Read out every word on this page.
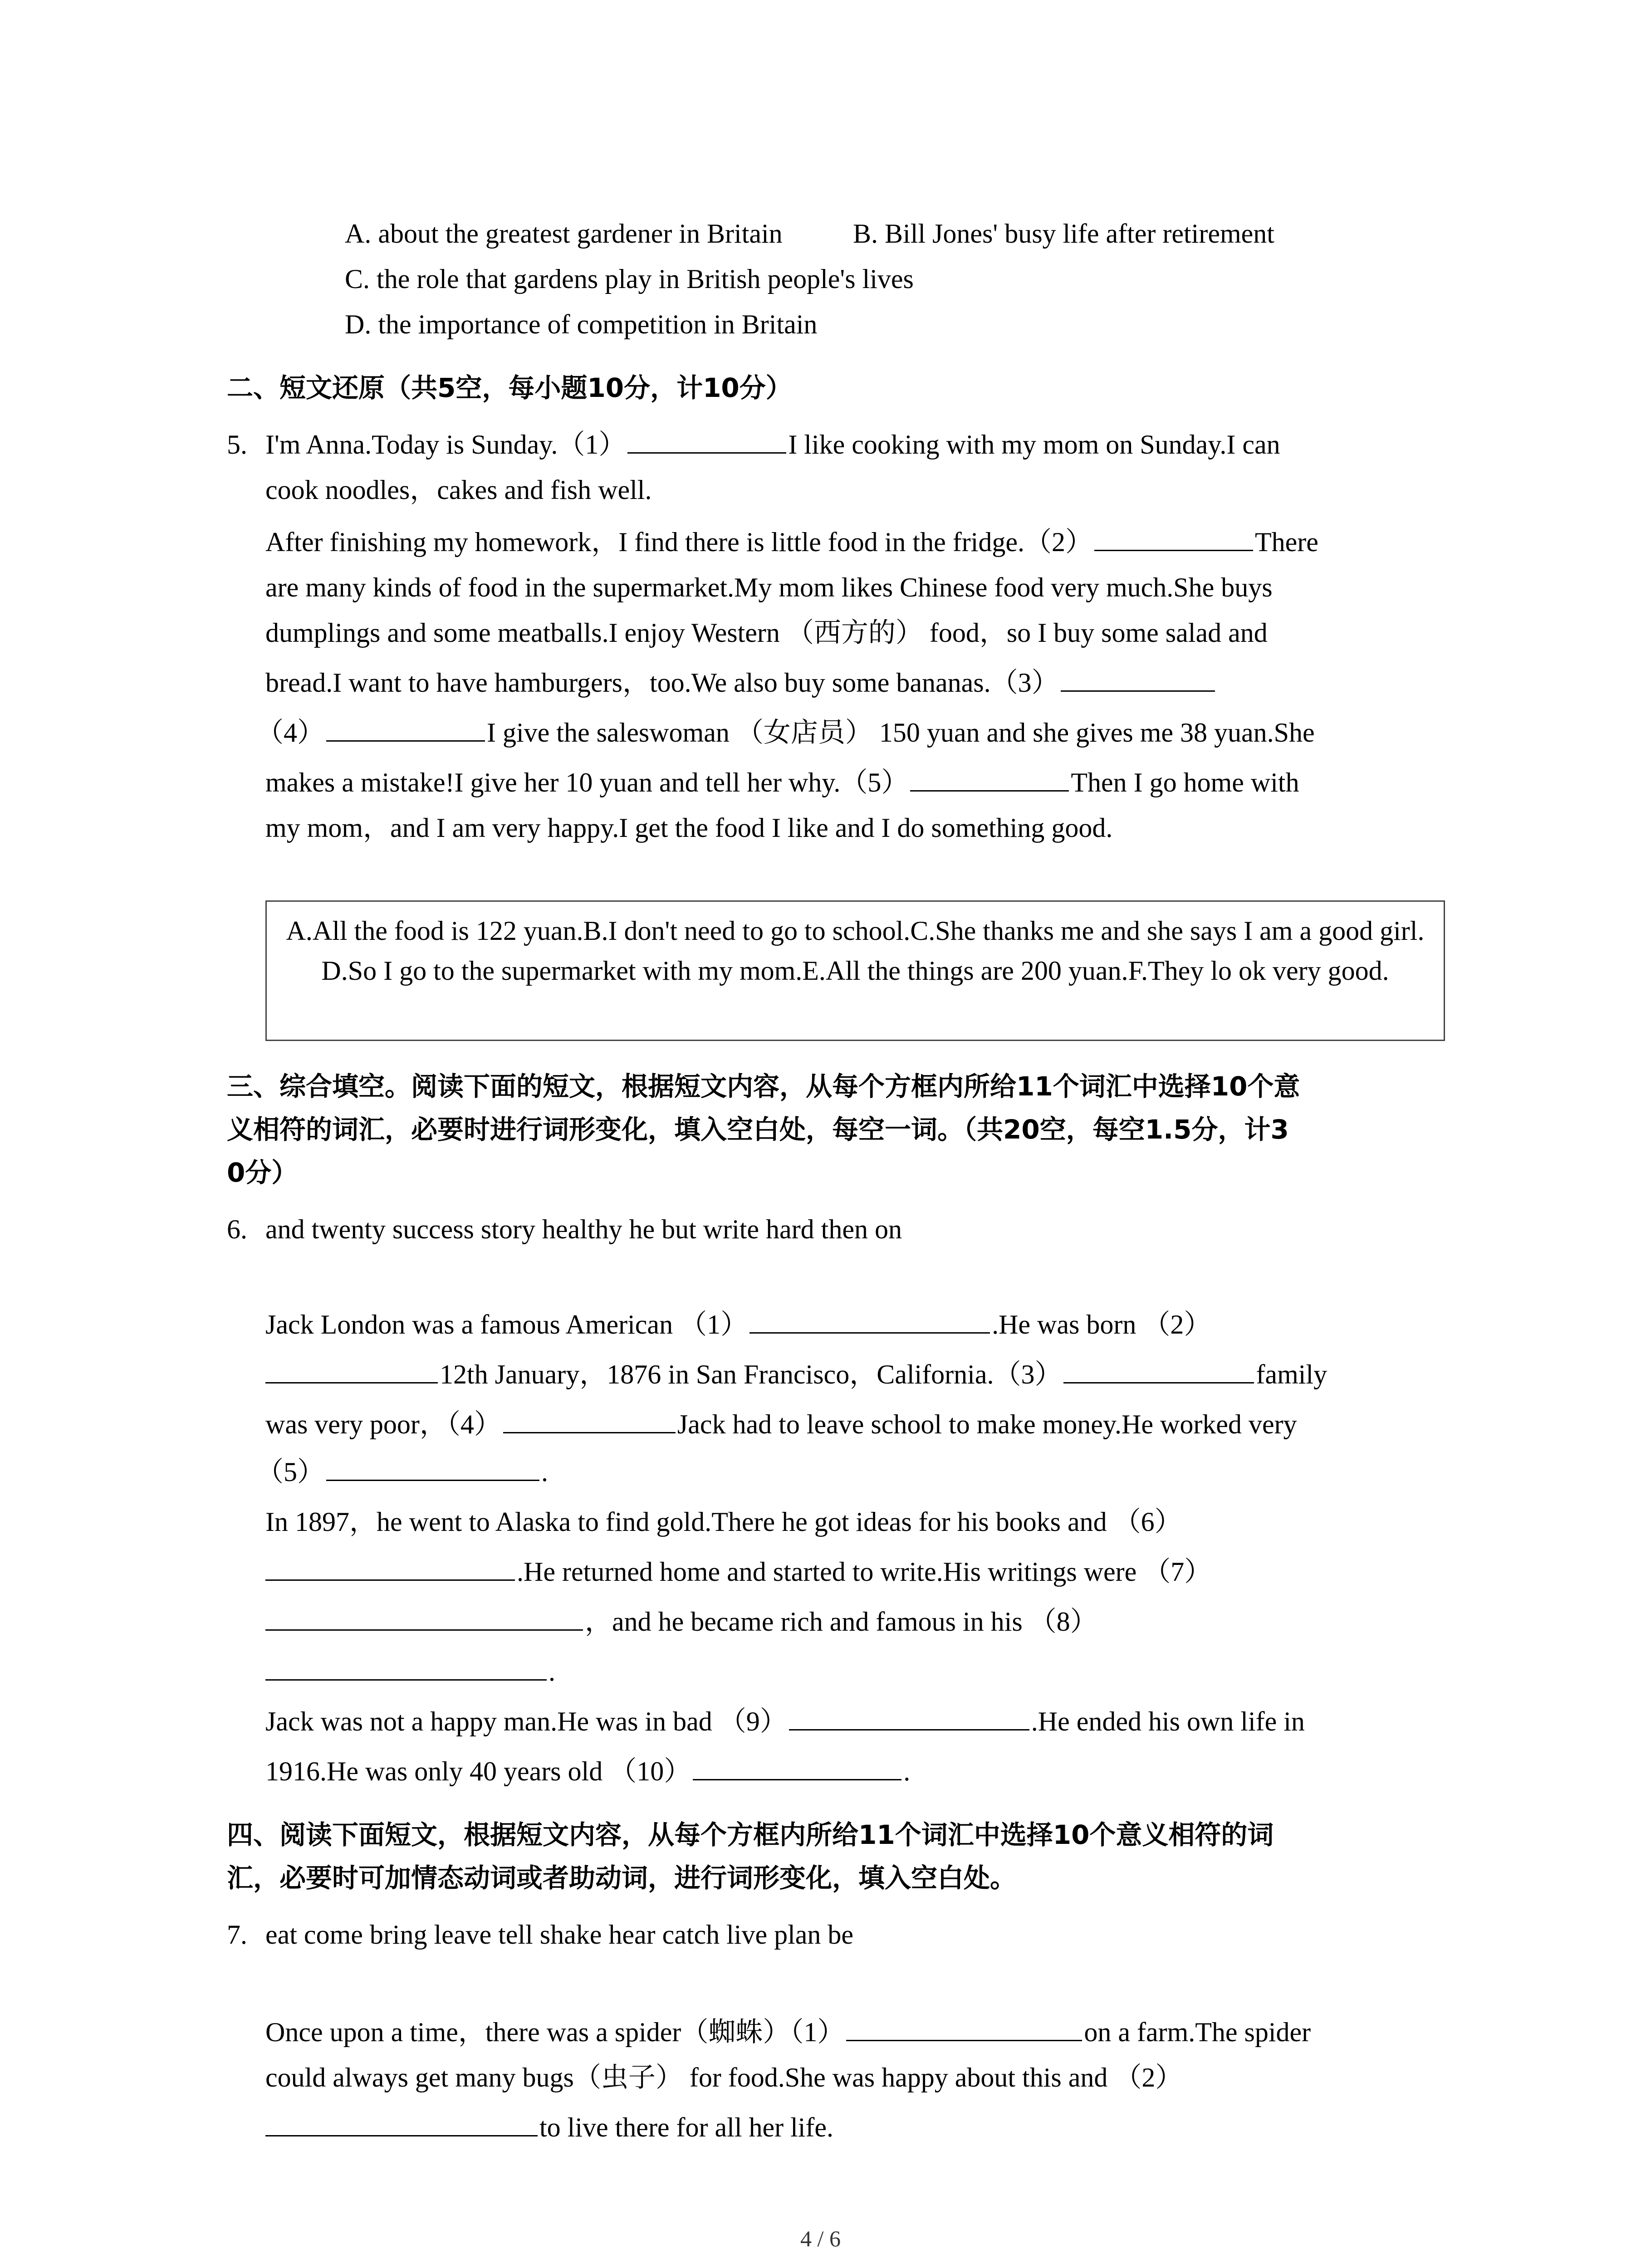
A. about the greatest gardener in Britain	B. Bill Jones' busy life after retirement
C. the role that gardens play in British people's lives
D. the importance of competition in Britain
二、短文还原（共5空，每小题10分，计10分）
5. I'm Anna.Today is Sunday.（1）	I like cooking with my mom on Sunday.I can
cook noodles，cakes and fish well.
After finishing my homework，I find there is little food in the fridge.（2）	There
are many kinds of food in the supermarket.My mom likes Chinese food very much.She buys
dumplings and some meatballs.I enjoy Western （西方的） food，so I buy some salad and
bread.I want to have hamburgers，too.We also buy some bananas.（3）
（4）	I give the saleswoman （女店员） 150 yuan and she gives me 38 yuan.She
makes a mistake!I give her 10 yuan and tell her why.（5）	Then I go home with
my mom，and I am very happy.I get the food I like and I do something good.
A.All the food is 122 yuan.B.I don't need to go to school.C.She thanks me and she says I am a good girl.D.So I go to the supermarket with my mom.E.All the things are 200 yuan.F.They lo ok very good.
三、综合填空。阅读下面的短文，根据短文内容，从每个方框内所给11个词汇中选择10个意
义相符的词汇，必要时进行词形变化，填入空白处，每空一词。（共20空，每空1.5分，计3
0分）
6. and twenty success story healthy he but write hard then on
Jack London was a famous American （1）	.He was born （2）
12th January，1876 in San Francisco，California.（3）	family
was very poor，（4）	Jack had to leave school to make money.He worked very
（5）	.
In 1897，he went to Alaska to find gold.There he got ideas for his books and （6）
.He returned home and started to write.His writings were （7）
，and he became rich and famous in his （8）
.
Jack was not a happy man.He was in bad （9）	.He ended his own life in
1916.He was only 40 years old （10）	.
四、阅读下面短文，根据短文内容，从每个方框内所给11个词汇中选择10个意义相符的词
汇，必要时可加情态动词或者助动词，进行词形变化，填入空白处。
7. eat come bring leave tell shake hear catch live plan be
Once upon a time，there was a spider（蜘蛛）（1）	on a farm.The spider
could always get many bugs（虫子） for food.She was happy about this and （2）
to live there for all her life.
4 / 6
